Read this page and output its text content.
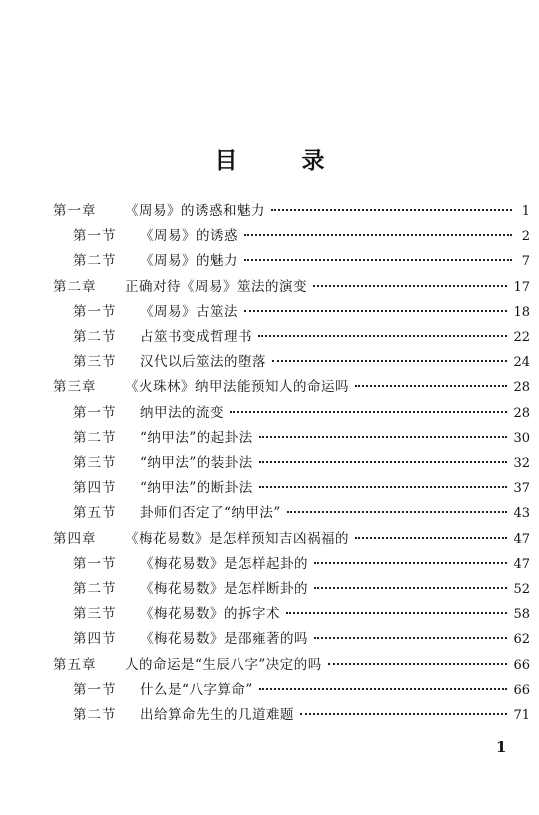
目 录
第一章	《周易》的诱惑和魅力	1
第一节	《周易》的诱惑	2
第二节	《周易》的魅力	7
第二章	正确对待《周易》筮法的演变	17
第一节	《周易》古筮法	18
第二节	占筮书变成哲理书	22
第三节	汉代以后筮法的堕落	24
第三章	《火珠林》纳甲法能预知人的命运吗	28
第一节	纳甲法的流变	28
第二节	“纳甲法”的起卦法	30
第三节	“纳甲法”的装卦法	32
第四节	“纳甲法”的断卦法	37
第五节	卦师们否定了“纳甲法”	43
第四章	《梅花易数》是怎样预知吉凶祸福的	47
第一节	《梅花易数》是怎样起卦的	47
第二节	《梅花易数》是怎样断卦的	52
第三节	《梅花易数》的拆字术	58
第四节	《梅花易数》是邵雍著的吗	62
第五章	人的命运是“生辰八字”决定的吗	66
第一节	什么是“八字算命”	66
第二节	出给算命先生的几道难题	71
1
